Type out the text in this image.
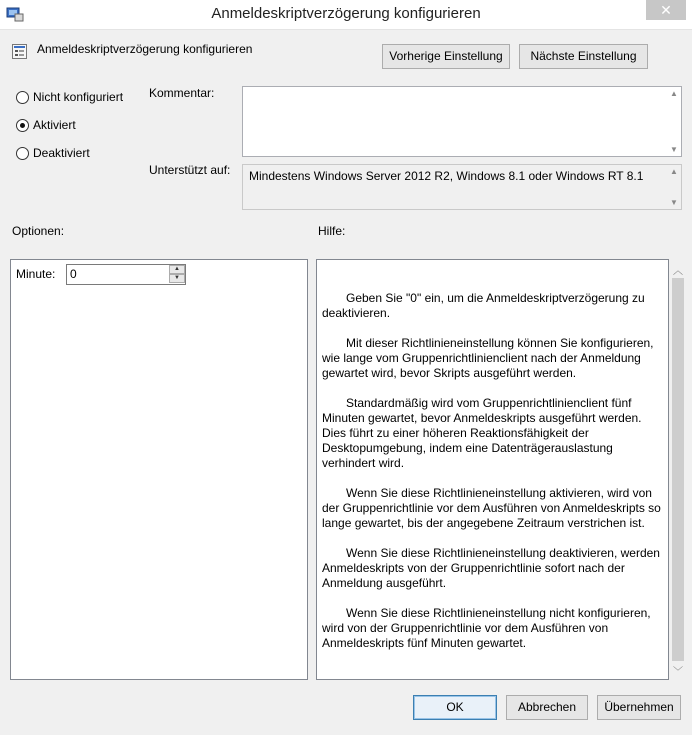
Anmeldeskriptverzögerung konfigurieren	✕
Anmeldeskriptverzögerung konfigurieren	Vorherige Einstellung	Nächste Einstellung
Nicht konfiguriert
Aktiviert
Deaktiviert
Kommentar:	▲
▼
Unterstützt auf: Mindestens Windows Server 2012 R2, Windows 8.1 oder Windows RT 8.1	▲
▼
Optionen:	Hilfe:
Minute:	0	▲
▼

Geben Sie "0" ein, um die Anmeldeskriptverzögerung zu deaktivieren.

Mit dieser Richtlinieneinstellung können Sie konfigurieren, wie lange vom Gruppenrichtlinienclient nach der Anmeldung gewartet wird, bevor Skripts ausgeführt werden.

Standardmäßig wird vom Gruppenrichtlinienclient fünf Minuten gewartet, bevor Anmeldeskripts ausgeführt werden. Dies führt zu einer höheren Reaktionsfähigkeit der Desktopumgebung, indem eine Datenträgerauslastung verhindert wird.

Wenn Sie diese Richtlinieneinstellung aktivieren, wird von der Gruppenrichtlinie vor dem Ausführen von Anmeldeskripts so lange gewartet, bis der angegebene Zeitraum verstrichen ist.

Wenn Sie diese Richtlinieneinstellung deaktivieren, werden Anmeldeskripts von der Gruppenrichtlinie sofort nach der Anmeldung ausgeführt.

Wenn Sie diese Richtlinieneinstellung nicht konfigurieren, wird von der Gruppenrichtlinie vor dem Ausführen von Anmeldeskripts fünf Minuten gewartet.

︿
﹀
OK	Abbrechen	Übernehmen
